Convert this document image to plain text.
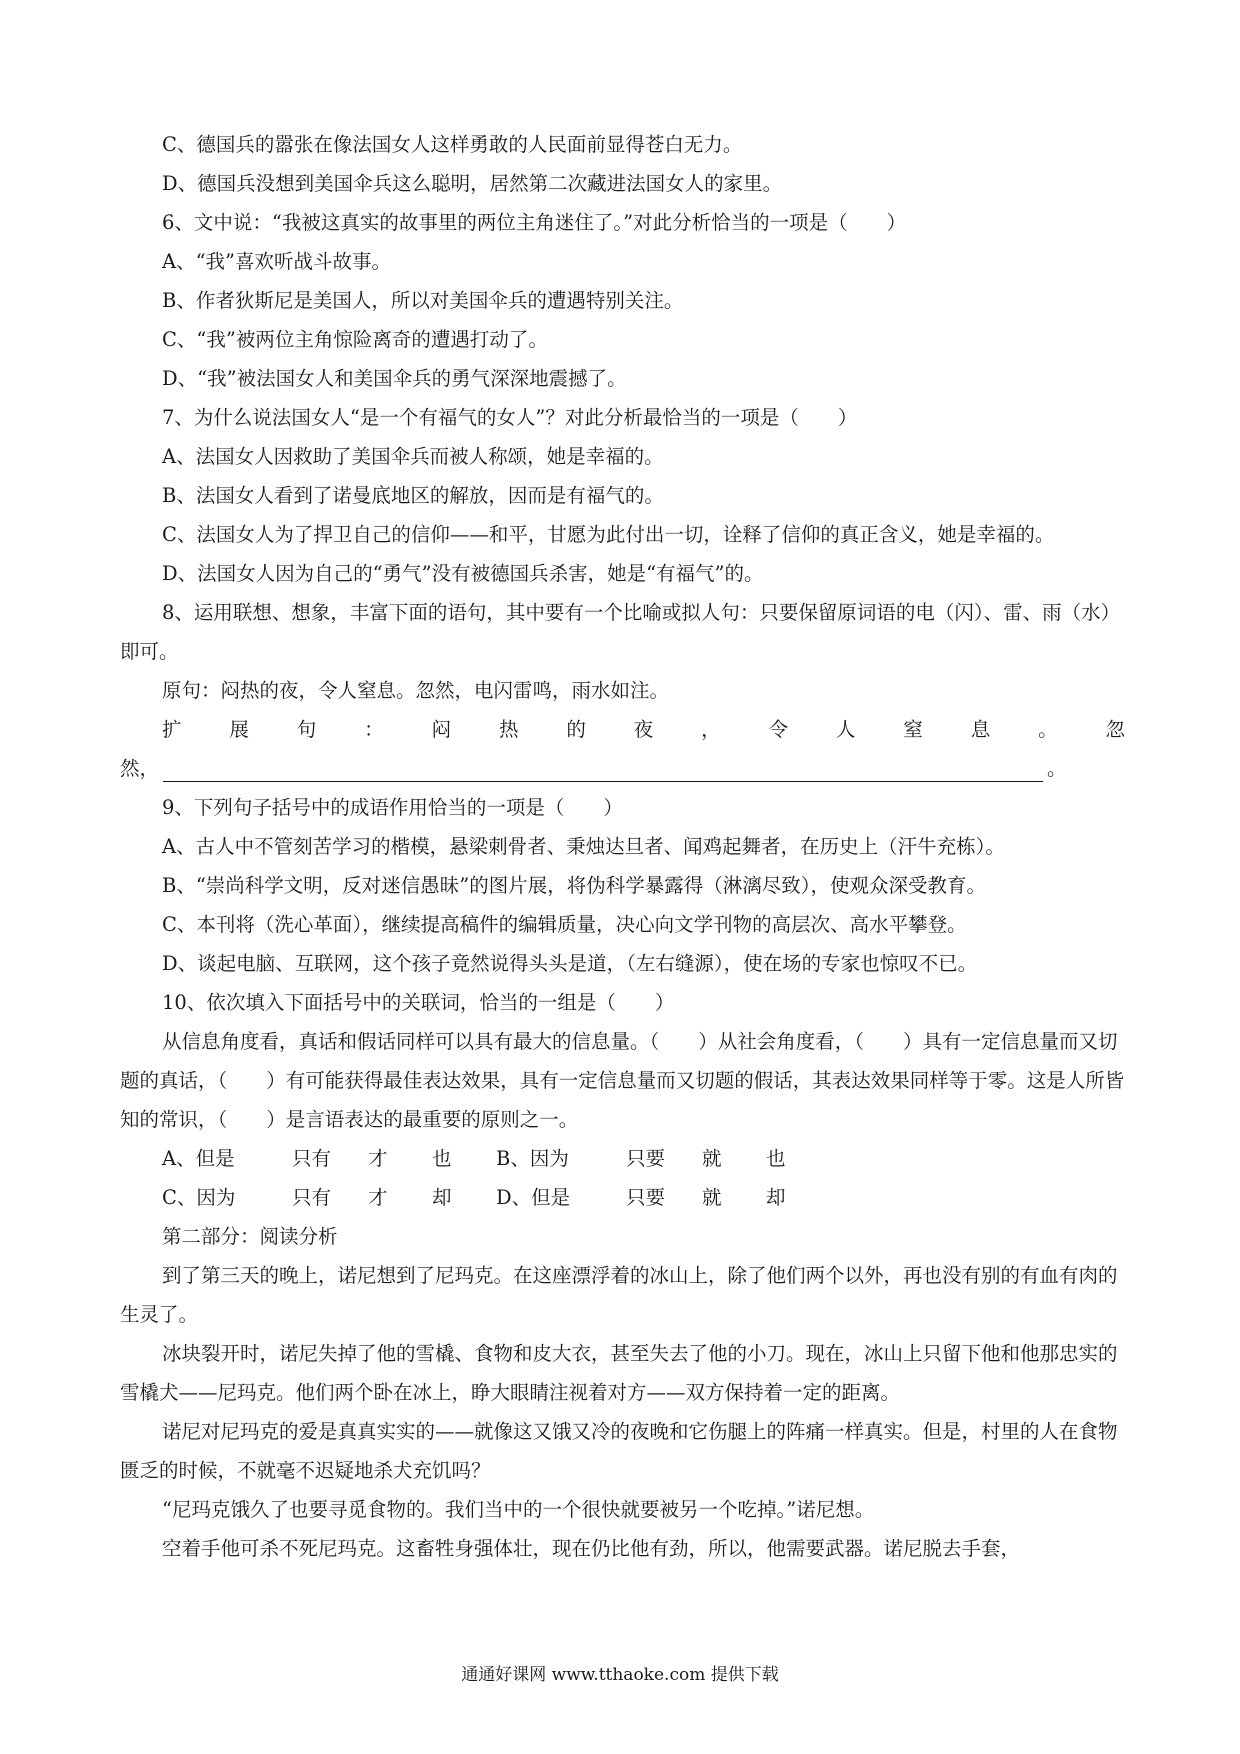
C、德国兵的嚣张在像法国女人这样勇敢的人民面前显得苍白无力。
D、德国兵没想到美国伞兵这么聪明，居然第二次藏进法国女人的家里。
6、文中说：“我被这真实的故事里的两位主角迷住了。”对此分析恰当的一项是（　　）
A、“我”喜欢听战斗故事。
B、作者狄斯尼是美国人，所以对美国伞兵的遭遇特别关注。
C、“我”被两位主角惊险离奇的遭遇打动了。
D、“我”被法国女人和美国伞兵的勇气深深地震撼了。
7、为什么说法国女人“是一个有福气的女人”？对此分析最恰当的一项是（　　）
A、法国女人因救助了美国伞兵而被人称颂，她是幸福的。
B、法国女人看到了诺曼底地区的解放，因而是有福气的。
C、法国女人为了捍卫自己的信仰——和平，甘愿为此付出一切，诠释了信仰的真正含义，她是幸福的。
D、法国女人因为自己的“勇气”没有被德国兵杀害，她是“有福气”的。
8、运用联想、想象，丰富下面的语句，其中要有一个比喻或拟人句：只要保留原词语的电（闪）、雷、雨（水）即可。
原句：闷热的夜，令人窒息。忽然，电闪雷鸣，雨水如注。
扩 展 句 ： 闷 热 的 夜 ， 令 人 窒 息 。 忽
然，	。
9、下列句子括号中的成语作用恰当的一项是（　　）
A、古人中不管刻苦学习的楷模，悬梁刺骨者、秉烛达旦者、闻鸡起舞者，在历史上（汗牛充栋）。
B、“崇尚科学文明，反对迷信愚昧”的图片展，将伪科学暴露得（淋漓尽致），使观众深受教育。
C、本刊将（洗心革面），继续提高稿件的编辑质量，决心向文学刊物的高层次、高水平攀登。
D、谈起电脑、互联网，这个孩子竟然说得头头是道，（左右缝源），使在场的专家也惊叹不已。
10、依次填入下面括号中的关联词，恰当的一组是（　　）
从信息角度看，真话和假话同样可以具有最大的信息量。（　　）从社会角度看，（　　）具有一定信息量而又切题的真话，（　　）有可能获得最佳表达效果，具有一定信息量而又切题的假话，其表达效果同样等于零。这是人所皆知的常识，（　　）是言语表达的最重要的原则之一。
A、但是	只有	才	也	B、因为	只要	就	也
C、因为	只有	才	却	D、但是	只要	就	却
第二部分：阅读分析
到了第三天的晚上，诺尼想到了尼玛克。在这座漂浮着的冰山上，除了他们两个以外，再也没有别的有血有肉的生灵了。
冰块裂开时，诺尼失掉了他的雪橇、食物和皮大衣，甚至失去了他的小刀。现在，冰山上只留下他和他那忠实的雪橇犬——尼玛克。他们两个卧在冰上，睁大眼睛注视着对方——双方保持着一定的距离。
诺尼对尼玛克的爱是真真实实的——就像这又饿又冷的夜晚和它伤腿上的阵痛一样真实。但是，村里的人在食物匮乏的时候，不就毫不迟疑地杀犬充饥吗？
“尼玛克饿久了也要寻觅食物的。我们当中的一个很快就要被另一个吃掉。”诺尼想。
空着手他可杀不死尼玛克。这畜牲身强体壮，现在仍比他有劲，所以，他需要武器。诺尼脱去手套，
通通好课网 www.tthaoke.com 提供下载
